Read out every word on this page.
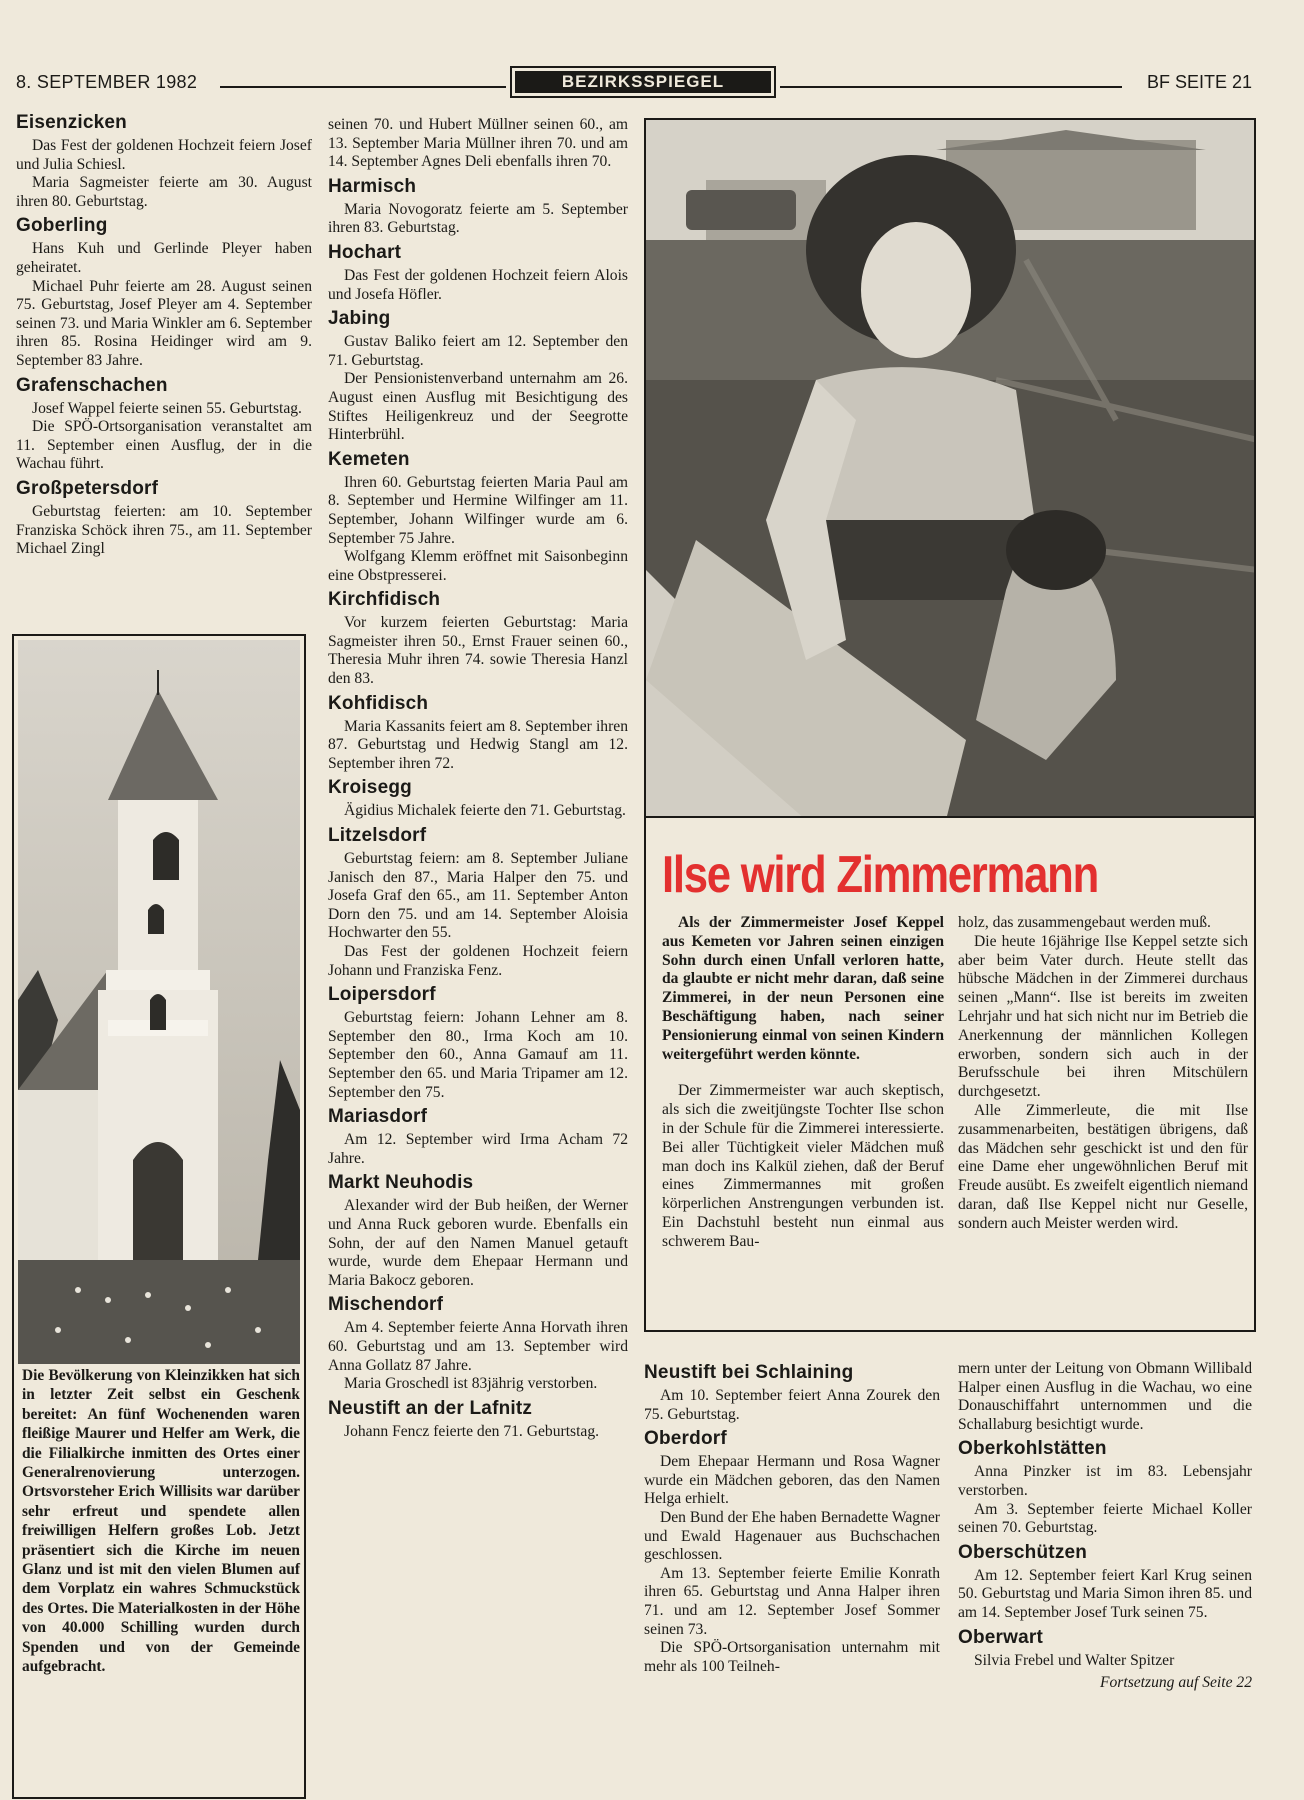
8. SEPTEMBER 1982	BEZIRKSSPIEGEL	BF SEITE 21
Eisenzicken

Das Fest der goldenen Hochzeit feiern Josef und Julia Schiesl.

Maria Sagmeister feierte am 30. August ihren 80. Geburtstag.

Goberling

Hans Kuh und Gerlinde Pleyer haben geheiratet.

Michael Puhr feierte am 28. August seinen 75. Geburtstag, Josef Pleyer am 4. September seinen 73. und Maria Winkler am 6. September ihren 85. Rosina Heidinger wird am 9. September 83 Jahre.

Grafenschachen

Josef Wappel feierte seinen 55. Geburtstag.

Die SPÖ-Ortsorganisation veranstaltet am 11. September einen Ausflug, der in die Wachau führt.

Großpetersdorf

Geburtstag feierten: am 10. September Franziska Schöck ihren 75., am 11. September Michael Zingl

seinen 70. und Hubert Müllner seinen 60., am 13. September Maria Müllner ihren 70. und am 14. September Agnes Deli ebenfalls ihren 70.

Harmisch

Maria Novogoratz feierte am 5. September ihren 83. Geburtstag.

Hochart

Das Fest der goldenen Hochzeit feiern Alois und Josefa Höfler.

Jabing

Gustav Baliko feiert am 12. September den 71. Geburtstag.

Der Pensionistenverband unternahm am 26. August einen Ausflug mit Besichtigung des Stiftes Heiligenkreuz und der Seegrotte Hinterbrühl.

Kemeten

Ihren 60. Geburtstag feierten Maria Paul am 8. September und Hermine Wilfinger am 11. September, Johann Wilfinger wurde am 6. September 75 Jahre.

Wolfgang Klemm eröffnet mit Saisonbeginn eine Obstpresserei.

Kirchfidisch

Vor kurzem feierten Geburtstag: Maria Sagmeister ihren 50., Ernst Frauer seinen 60., Theresia Muhr ihren 74. sowie Theresia Hanzl den 83.

Kohfidisch

Maria Kassanits feiert am 8. September ihren 87. Geburtstag und Hedwig Stangl am 12. September ihren 72.

Kroisegg

Ägidius Michalek feierte den 71. Geburtstag.

Litzelsdorf

Geburtstag feiern: am 8. September Juliane Janisch den 87., Maria Halper den 75. und Josefa Graf den 65., am 11. September Anton Dorn den 75. und am 14. September Aloisia Hochwarter den 55.

Das Fest der goldenen Hochzeit feiern Johann und Franziska Fenz.

Loipersdorf

Geburtstag feiern: Johann Lehner am 8. September den 80., Irma Koch am 10. September den 60., Anna Gamauf am 11. September den 65. und Maria Tripamer am 12. September den 75.

Mariasdorf

Am 12. September wird Irma Acham 72 Jahre.

Markt Neuhodis

Alexander wird der Bub heißen, der Werner und Anna Ruck geboren wurde. Ebenfalls ein Sohn, der auf den Namen Manuel getauft wurde, wurde dem Ehepaar Hermann und Maria Bakocz geboren.

Mischendorf

Am 4. September feierte Anna Horvath ihren 60. Geburtstag und am 13. September wird Anna Gollatz 87 Jahre.

Maria Groschedl ist 83jährig verstorben.

Neustift an der Lafnitz

Johann Fencz feierte den 71. Geburtstag.

Die Bevölkerung von Kleinzikken hat sich in letzter Zeit selbst ein Geschenk bereitet: An fünf Wochenenden waren fleißige Maurer und Helfer am Werk, die die Filialkirche inmitten des Ortes einer Generalrenovierung unterzogen. Ortsvorsteher Erich Willisits war darüber sehr erfreut und spendete allen freiwilligen Helfern großes Lob. Jetzt präsentiert sich die Kirche im neuen Glanz und ist mit den vielen Blumen auf dem Vorplatz ein wahres Schmuckstück des Ortes. Die Materialkosten in der Höhe von 40.000 Schilling wurden durch Spenden und von der Gemeinde aufgebracht.
Ilse wird Zimmermann

Als der Zimmermeister Josef Keppel aus Kemeten vor Jahren seinen einzigen Sohn durch einen Unfall verloren hatte, da glaubte er nicht mehr daran, daß seine Zimmerei, in der neun Personen eine Beschäftigung haben, nach seiner Pensionierung einmal von seinen Kindern weitergeführt werden könnte.

Der Zimmermeister war auch skeptisch, als sich die zweitjüngste Tochter Ilse schon in der Schule für die Zimmerei interessierte. Bei aller Tüchtigkeit vieler Mädchen muß man doch ins Kalkül ziehen, daß der Beruf eines Zimmermannes mit großen körperlichen Anstrengungen verbunden ist. Ein Dachstuhl besteht nun einmal aus schwerem Bau-

holz, das zusammengebaut werden muß.

Die heute 16jährige Ilse Keppel setzte sich aber beim Vater durch. Heute stellt das hübsche Mädchen in der Zimmerei durchaus seinen „Mann“. Ilse ist bereits im zweiten Lehrjahr und hat sich nicht nur im Betrieb die Anerkennung der männlichen Kollegen erworben, sondern sich auch in der Berufsschule bei ihren Mitschülern durchgesetzt.

Alle Zimmerleute, die mit Ilse zusammenarbeiten, bestätigen übrigens, daß das Mädchen sehr geschickt ist und den für eine Dame eher ungewöhnlichen Beruf mit Freude ausübt. Es zweifelt eigentlich niemand daran, daß Ilse Keppel nicht nur Geselle, sondern auch Meister werden wird.

Neustift bei Schlaining

Am 10. September feiert Anna Zourek den 75. Geburtstag.

Oberdorf

Dem Ehepaar Hermann und Rosa Wagner wurde ein Mädchen geboren, das den Namen Helga erhielt.

Den Bund der Ehe haben Bernadette Wagner und Ewald Hagenauer aus Buchschachen geschlossen.

Am 13. September feierte Emilie Konrath ihren 65. Geburtstag und Anna Halper ihren 71. und am 12. September Josef Sommer seinen 73.

Die SPÖ-Ortsorganisation unternahm mit mehr als 100 Teilneh-

mern unter der Leitung von Obmann Willibald Halper einen Ausflug in die Wachau, wo eine Donauschiffahrt unternommen und die Schallaburg besichtigt wurde.

Oberkohlstätten

Anna Pinzker ist im 83. Lebensjahr verstorben.

Am 3. September feierte Michael Koller seinen 70. Geburtstag.

Oberschützen

Am 12. September feiert Karl Krug seinen 50. Geburtstag und Maria Simon ihren 85. und am 14. September Josef Turk seinen 75.

Oberwart

Silvia Frebel und Walter Spitzer

Fortsetzung auf Seite 22
